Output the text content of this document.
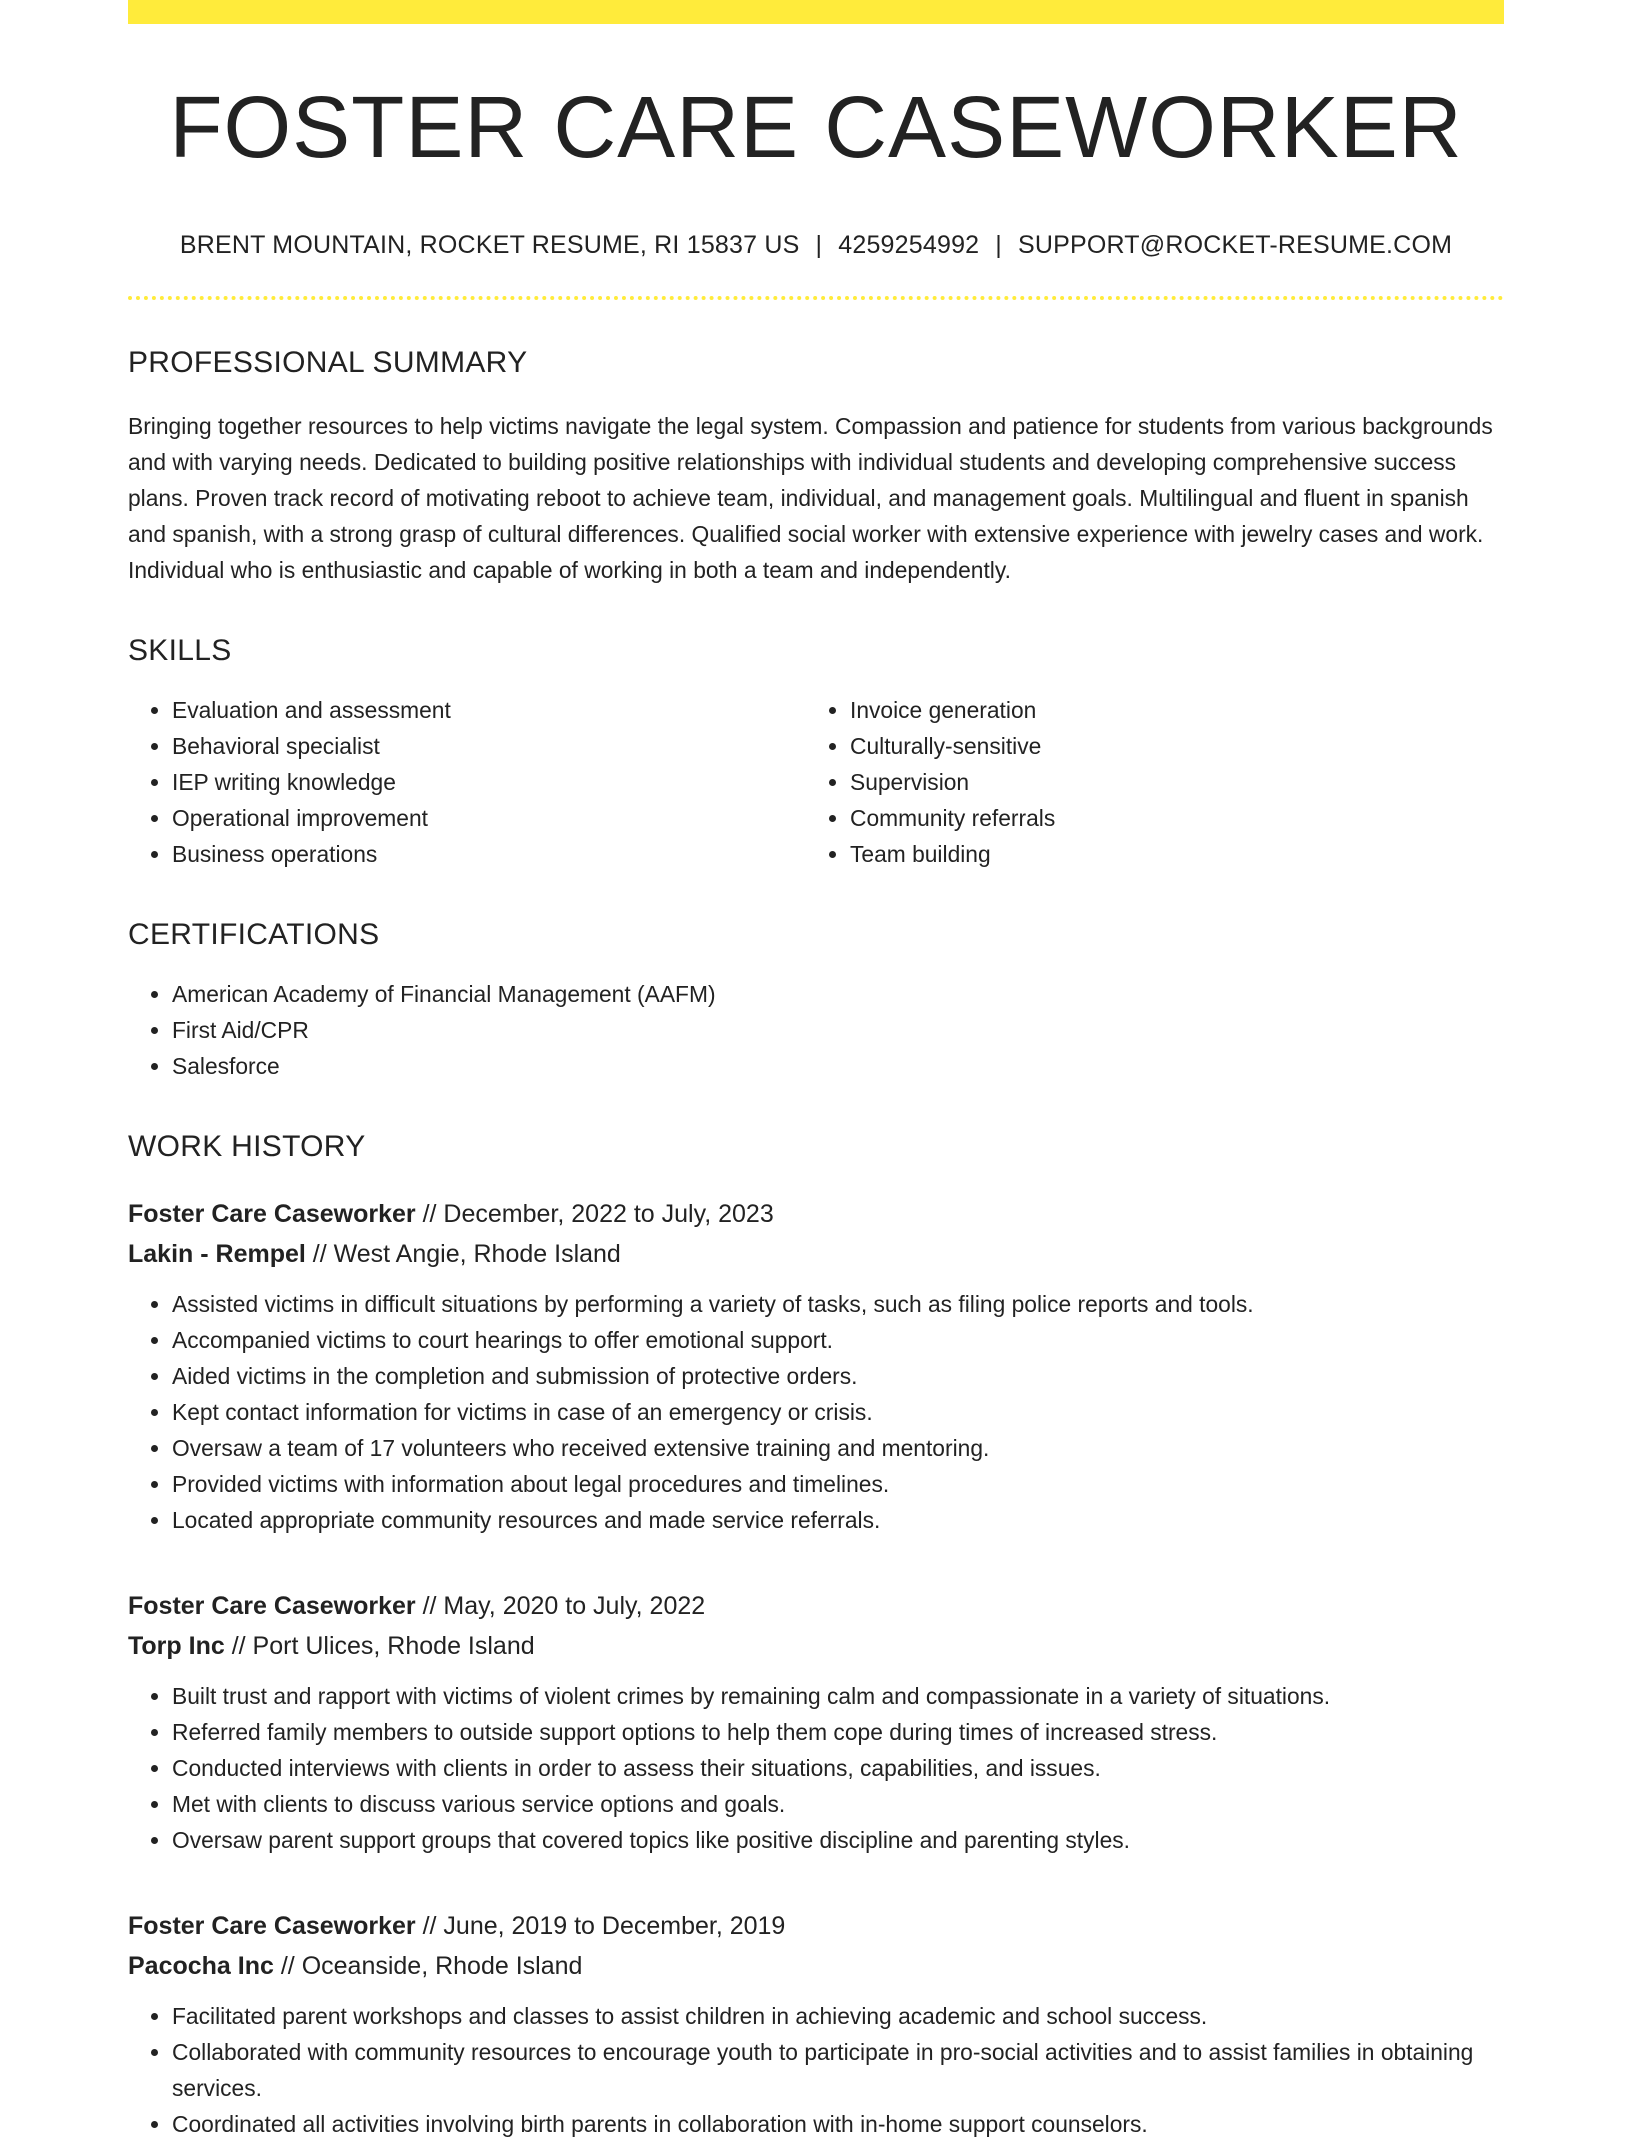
FOSTER CARE CASEWORKER
BRENT MOUNTAIN, ROCKET RESUME, RI 15837 US | 4259254992 | SUPPORT@ROCKET-RESUME.COM
PROFESSIONAL SUMMARY
Bringing together resources to help victims navigate the legal system. Compassion and patience for students from various backgrounds and with varying needs. Dedicated to building positive relationships with individual students and developing comprehensive success plans. Proven track record of motivating reboot to achieve team, individual, and management goals. Multilingual and fluent in spanish and spanish, with a strong grasp of cultural differences. Qualified social worker with extensive experience with jewelry cases and work. Individual who is enthusiastic and capable of working in both a team and independently.
SKILLS
• Evaluation and assessment
• Behavioral specialist
• IEP writing knowledge
• Operational improvement
• Business operations
• Invoice generation
• Culturally-sensitive
• Supervision
• Community referrals
• Team building
CERTIFICATIONS
• American Academy of Financial Management (AAFM)
• First Aid/CPR
• Salesforce
WORK HISTORY
Foster Care Caseworker // December, 2022 to July, 2023
Lakin - Rempel // West Angie, Rhode Island
• Assisted victims in difficult situations by performing a variety of tasks, such as filing police reports and tools.
• Accompanied victims to court hearings to offer emotional support.
• Aided victims in the completion and submission of protective orders.
• Kept contact information for victims in case of an emergency or crisis.
• Oversaw a team of 17 volunteers who received extensive training and mentoring.
• Provided victims with information about legal procedures and timelines.
• Located appropriate community resources and made service referrals.
Foster Care Caseworker // May, 2020 to July, 2022
Torp Inc // Port Ulices, Rhode Island
• Built trust and rapport with victims of violent crimes by remaining calm and compassionate in a variety of situations.
• Referred family members to outside support options to help them cope during times of increased stress.
• Conducted interviews with clients in order to assess their situations, capabilities, and issues.
• Met with clients to discuss various service options and goals.
• Oversaw parent support groups that covered topics like positive discipline and parenting styles.
Foster Care Caseworker // June, 2019 to December, 2019
Pacocha Inc // Oceanside, Rhode Island
• Facilitated parent workshops and classes to assist children in achieving academic and school success.
• Collaborated with community resources to encourage youth to participate in pro-social activities and to assist families in obtaining services.
• Coordinated all activities involving birth parents in collaboration with in-home support counselors.
